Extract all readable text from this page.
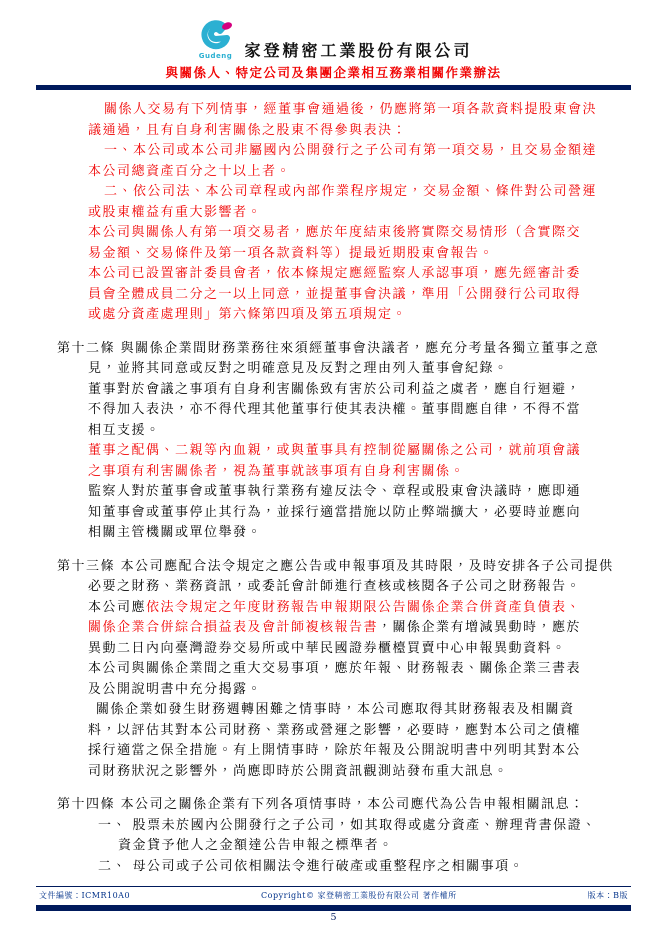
Gudeng 家登精密工業股份有限公司
與關係人、特定公司及集團企業相互務業相關作業辦法
關係人交易有下列情事，經董事會通過後，仍應將第一項各款資料提股東會決
議通過，且有自身利害關係之股東不得參與表決：
一、本公司或本公司非屬國內公開發行之子公司有第一項交易，且交易金額達
本公司總資產百分之十以上者。
二、依公司法、本公司章程或內部作業程序規定，交易金額、條件對公司營運
或股東權益有重大影響者。
本公司與關係人有第一項交易者，應於年度結束後將實際交易情形（含實際交
易金額、交易條件及第一項各款資料等）提最近期股東會報告。
本公司已設置審計委員會者，依本條規定應經監察人承認事項，應先經審計委
員會全體成員二分之一以上同意，並提董事會決議，準用「公開發行公司取得
或處分資產處理則」第六條第四項及第五項規定。
第十二條 與關係企業間財務業務往來須經董事會決議者，應充分考量各獨立董事之意
見，並將其同意或反對之明確意見及反對之理由列入董事會紀錄。
董事對於會議之事項有自身利害關係致有害於公司利益之虞者，應自行迴避，
不得加入表決，亦不得代理其他董事行使其表決權。董事間應自律，不得不當
相互支援。
董事之配偶、二親等內血親，或與董事具有控制從屬關係之公司，就前項會議
之事項有利害關係者，視為董事就該事項有自身利害關係。
監察人對於董事會或董事執行業務有違反法令、章程或股東會決議時，應即通
知董事會或董事停止其行為，並採行適當措施以防止弊端擴大，必要時並應向
相關主管機關或單位舉發。
第十三條 本公司應配合法令規定之應公告或申報事項及其時限，及時安排各子公司提供
必要之財務、業務資訊，或委託會計師進行查核或核閱各子公司之財務報告。
本公司應依法令規定之年度財務報告申報期限公告關係企業合併資產負債表、
關係企業合併綜合損益表及會計師複核報告書，關係企業有增減異動時，應於
異動二日內向臺灣證券交易所或中華民國證券櫃檯買賣中心申報異動資料。
本公司與關係企業間之重大交易事項，應於年報、財務報表、關係企業三書表
及公開說明書中充分揭露。
關係企業如發生財務週轉困難之情事時，本公司應取得其財務報表及相關資
料，以評估其對本公司財務、業務或營運之影響，必要時，應對本公司之債權
採行適當之保全措施。有上開情事時，除於年報及公開說明書中列明其對本公
司財務狀況之影響外，尚應即時於公開資訊觀測站發布重大訊息。
第十四條 本公司之關係企業有下列各項情事時，本公司應代為公告申報相關訊息：
一、 股票未於國內公開發行之子公司，如其取得或處分資產、辦理背書保證、
資金貸予他人之金額達公告申報之標準者。
二、 母公司或子公司依相關法令進行破產或重整程序之相關事項。
文件編號：ICMR10A0	Copyright© 家登精密工業股份有限公司 著作權所	版本：B版
5
